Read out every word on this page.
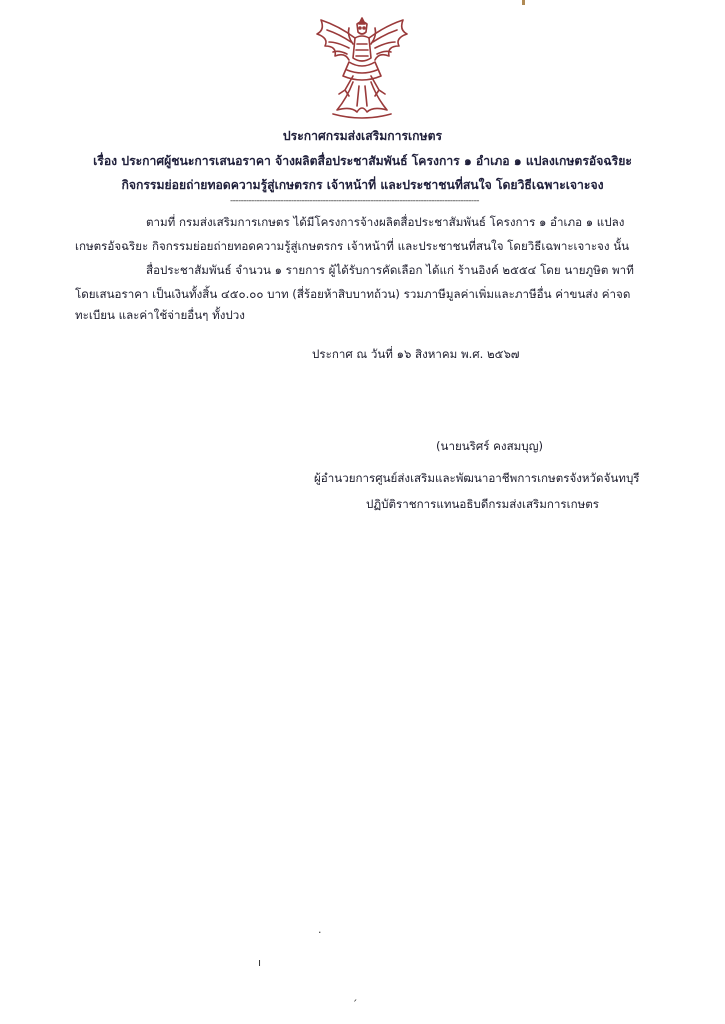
ประกาศกรมส่งเสริมการเกษตร
เรื่อง ประกาศผู้ชนะการเสนอราคา จ้างผลิตสื่อประชาสัมพันธ์ โครงการ ๑ อำเภอ ๑ แปลงเกษตรอัจฉริยะ
กิจกรรมย่อยถ่ายทอดความรู้สู่เกษตรกร เจ้าหน้าที่ และประชาชนที่สนใจ โดยวิธีเฉพาะเจาะจง
----------------------------------------------------------------------------------------------
ตามที่ กรมส่งเสริมการเกษตร ได้มีโครงการจ้างผลิตสื่อประชาสัมพันธ์ โครงการ ๑ อำเภอ ๑ แปลง
เกษตรอัจฉริยะ กิจกรรมย่อยถ่ายทอดความรู้สู่เกษตรกร เจ้าหน้าที่ และประชาชนที่สนใจ โดยวิธีเฉพาะเจาะจง นั้น
สื่อประชาสัมพันธ์ จำนวน ๑ รายการ ผู้ได้รับการคัดเลือก ได้แก่ ร้านอิงค์ ๒๕๕๔ โดย นายภูษิต พาที
โดยเสนอราคา เป็นเงินทั้งสิ้น ๔๕๐.๐๐ บาท (สี่ร้อยห้าสิบบาทถ้วน) รวมภาษีมูลค่าเพิ่มและภาษีอื่น ค่าขนส่ง ค่าจด
ทะเบียน และค่าใช้จ่ายอื่นๆ ทั้งปวง
ประกาศ ณ วันที่ ๑๖ สิงหาคม พ.ศ. ๒๕๖๗
(นายนริศร์ คงสมบุญ)
ผู้อำนวยการศูนย์ส่งเสริมและพัฒนาอาชีพการเกษตรจังหวัดจันทบุรี
ปฏิบัติราชการแทนอธิบดีกรมส่งเสริมการเกษตร
·
ı
´
